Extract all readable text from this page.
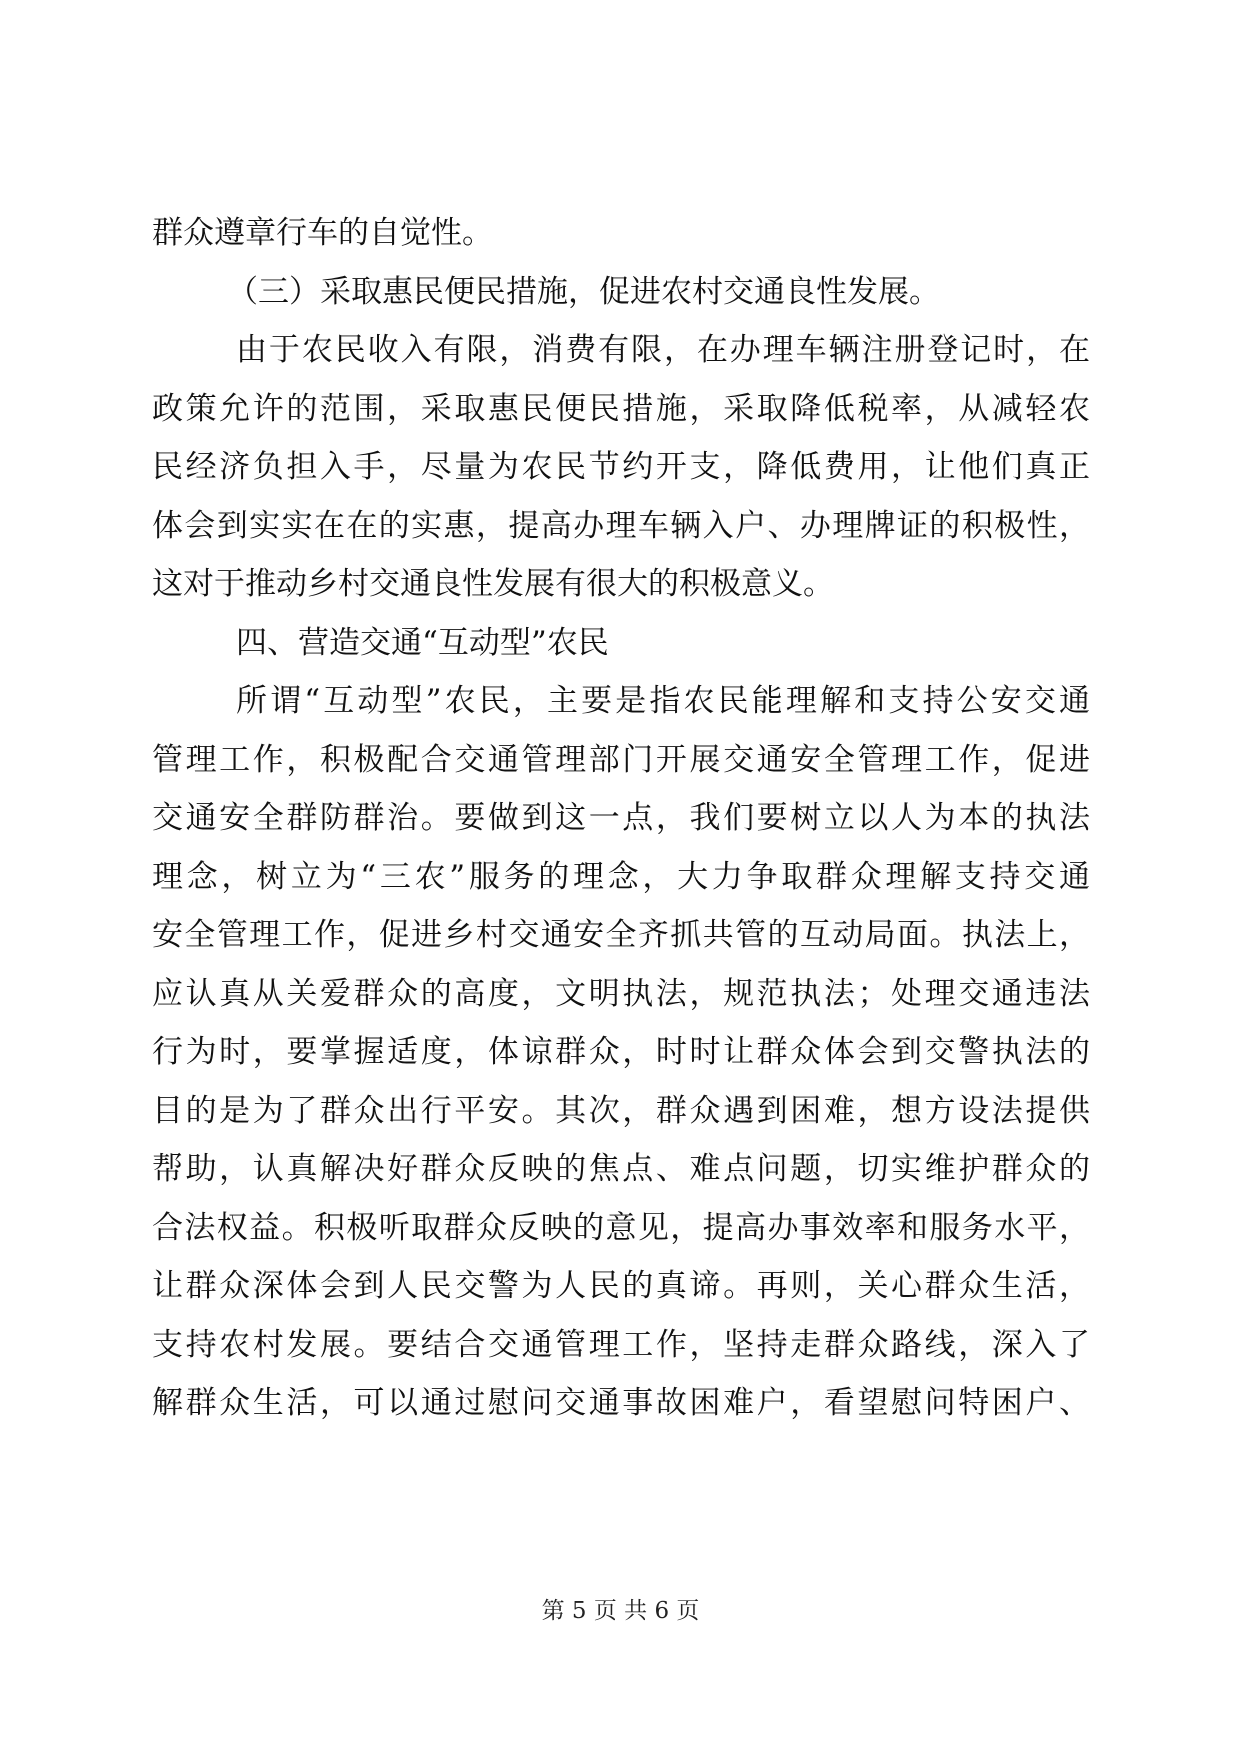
群众遵章行车的自觉性。
（三）采取惠民便民措施，促进农村交通良性发展。
由于农民收入有限，消费有限，在办理车辆注册登记时，在
政策允许的范围，采取惠民便民措施，采取降低税率，从减轻农
民经济负担入手，尽量为农民节约开支，降低费用，让他们真正
体会到实实在在的实惠，提高办理车辆入户、办理牌证的积极性，
这对于推动乡村交通良性发展有很大的积极意义。
四、营造交通“互动型”农民
所谓“互动型”农民，主要是指农民能理解和支持公安交通
管理工作，积极配合交通管理部门开展交通安全管理工作，促进
交通安全群防群治。要做到这一点，我们要树立以人为本的执法
理念，树立为“三农”服务的理念，大力争取群众理解支持交通
安全管理工作，促进乡村交通安全齐抓共管的互动局面。执法上，
应认真从关爱群众的高度，文明执法，规范执法；处理交通违法
行为时，要掌握适度，体谅群众，时时让群众体会到交警执法的
目的是为了群众出行平安。其次，群众遇到困难，想方设法提供
帮助，认真解决好群众反映的焦点、难点问题，切实维护群众的
合法权益。积极听取群众反映的意见，提高办事效率和服务水平，
让群众深体会到人民交警为人民的真谛。再则，关心群众生活，
支持农村发展。要结合交通管理工作，坚持走群众路线，深入了
解群众生活，可以通过慰问交通事故困难户，看望慰问特困户、
第 5 页 共 6 页
